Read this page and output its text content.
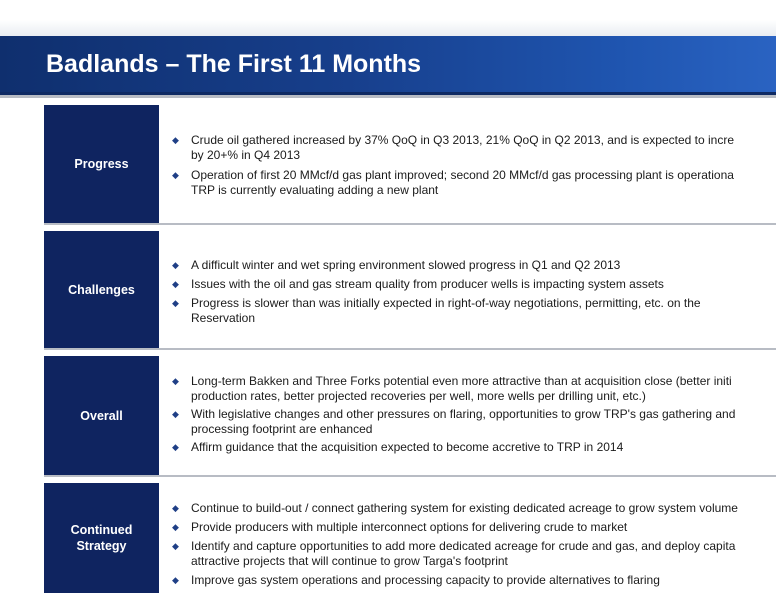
Badlands – The First 11 Months
Progress
◆ Crude oil gathered increased by 37% QoQ in Q3 2013, 21% QoQ in Q2 2013, and is expected to incre
by 20+% in Q4 2013
◆ Operation of first 20 MMcf/d gas plant improved; second 20 MMcf/d gas processing plant is operationa
TRP is currently evaluating adding a new plant
Challenges
◆ A difficult winter and wet spring environment slowed progress in Q1 and Q2 2013
◆ Issues with the oil and gas stream quality from producer wells is impacting system assets
◆ Progress is slower than was initially expected in right-of-way negotiations, permitting, etc. on the
Reservation
Overall
◆ Long-term Bakken and Three Forks potential even more attractive than at acquisition close (better initi
production rates, better projected recoveries per well, more wells per drilling unit, etc.)
◆ With legislative changes and other pressures on flaring, opportunities to grow TRP's gas gathering and
processing footprint are enhanced
◆ Affirm guidance that the acquisition expected to become accretive to TRP in 2014
Continued
Strategy
◆ Continue to build-out / connect gathering system for existing dedicated acreage to grow system volume
◆ Provide producers with multiple interconnect options for delivering crude to market
◆ Identify and capture opportunities to add more dedicated acreage for crude and gas, and deploy capita
attractive projects that will continue to grow Targa's footprint
◆ Improve gas system operations and processing capacity to provide alternatives to flaring
